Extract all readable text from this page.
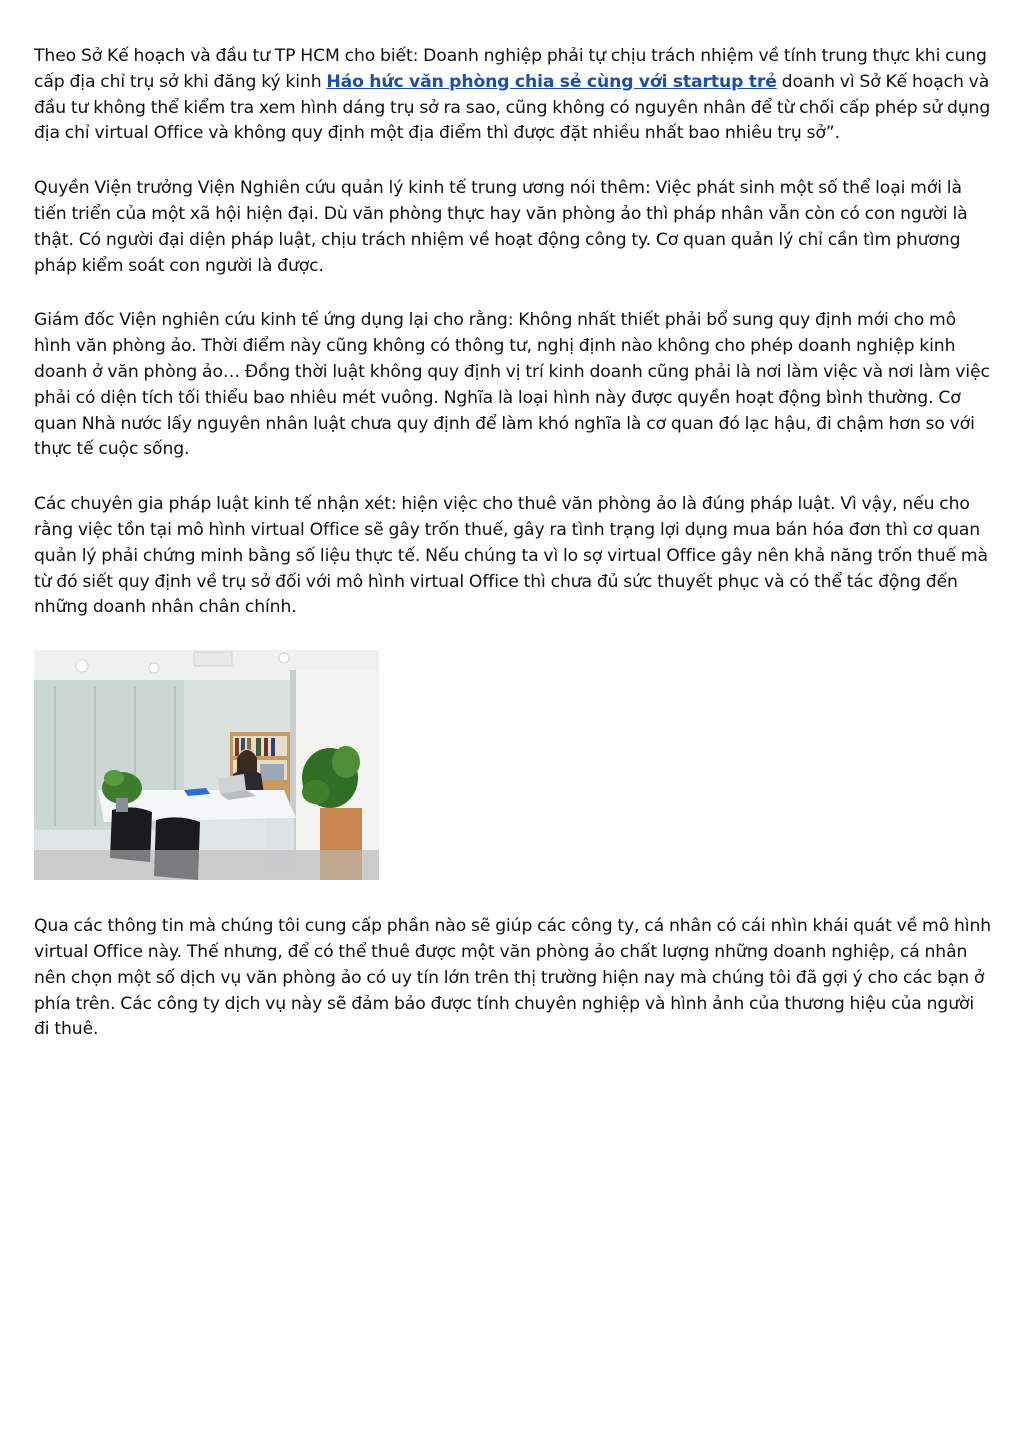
Theo Sở Kế hoạch và đầu tư TP HCM cho biết: Doanh nghiệp phải tự chịu trách nhiệm về tính trung thực khi cung cấp địa chỉ trụ sở khi đăng ký kinh Háo hức văn phòng chia sẻ cùng với startup trẻ doanh vì Sở Kế hoạch và đầu tư không thể kiểm tra xem hình dáng trụ sở ra sao, cũng không có nguyên nhân để từ chối cấp phép sử dụng địa chỉ virtual Office và không quy định một địa điểm thì được đặt nhiều nhất bao nhiêu trụ sở”.

Quyền Viện trưởng Viện Nghiên cứu quản lý kinh tế trung ương nói thêm: Việc phát sinh một số thể loại mới là tiến triển của một xã hội hiện đại. Dù văn phòng thực hay văn phòng ảo thì pháp nhân vẫn còn có con người là thật. Có người đại diện pháp luật, chịu trách nhiệm về hoạt động công ty. Cơ quan quản lý chỉ cần tìm phương pháp kiểm soát con người là được.

Giám đốc Viện nghiên cứu kinh tế ứng dụng lại cho rằng: Không nhất thiết phải bổ sung quy định mới cho mô hình văn phòng ảo. Thời điểm này cũng không có thông tư, nghị định nào không cho phép doanh nghiệp kinh doanh ở văn phòng ảo… Đồng thời luật không quy định vị trí kinh doanh cũng phải là nơi làm việc và nơi làm việc phải có diện tích tối thiểu bao nhiêu mét vuông. Nghĩa là loại hình này được quyền hoạt động bình thường. Cơ quan Nhà nước lấy nguyên nhân luật chưa quy định để làm khó nghĩa là cơ quan đó lạc hậu, đi chậm hơn so với thực tế cuộc sống.

Các chuyên gia pháp luật kinh tế nhận xét: hiện việc cho thuê văn phòng ảo là đúng pháp luật. Vì vậy, nếu cho rằng việc tồn tại mô hình virtual Office sẽ gây trốn thuế, gây ra tình trạng lợi dụng mua bán hóa đơn thì cơ quan quản lý phải chứng minh bằng số liệu thực tế. Nếu chúng ta vì lo sợ virtual Office gây nên khả năng trốn thuế mà từ đó siết quy định về trụ sở đối với mô hình virtual Office thì chưa đủ sức thuyết phục và có thể tác động đến những doanh nhân chân chính.

Qua các thông tin mà chúng tôi cung cấp phần nào sẽ giúp các công ty, cá nhân có cái nhìn khái quát về mô hình virtual Office này. Thế nhưng, để có thể thuê được một văn phòng ảo chất lượng những doanh nghiệp, cá nhân nên chọn một số dịch vụ văn phòng ảo có uy tín lớn trên thị trường hiện nay mà chúng tôi đã gợi ý cho các bạn ở phía trên. Các công ty dịch vụ này sẽ đảm bảo được tính chuyên nghiệp và hình ảnh của thương hiệu của người đi thuê.
